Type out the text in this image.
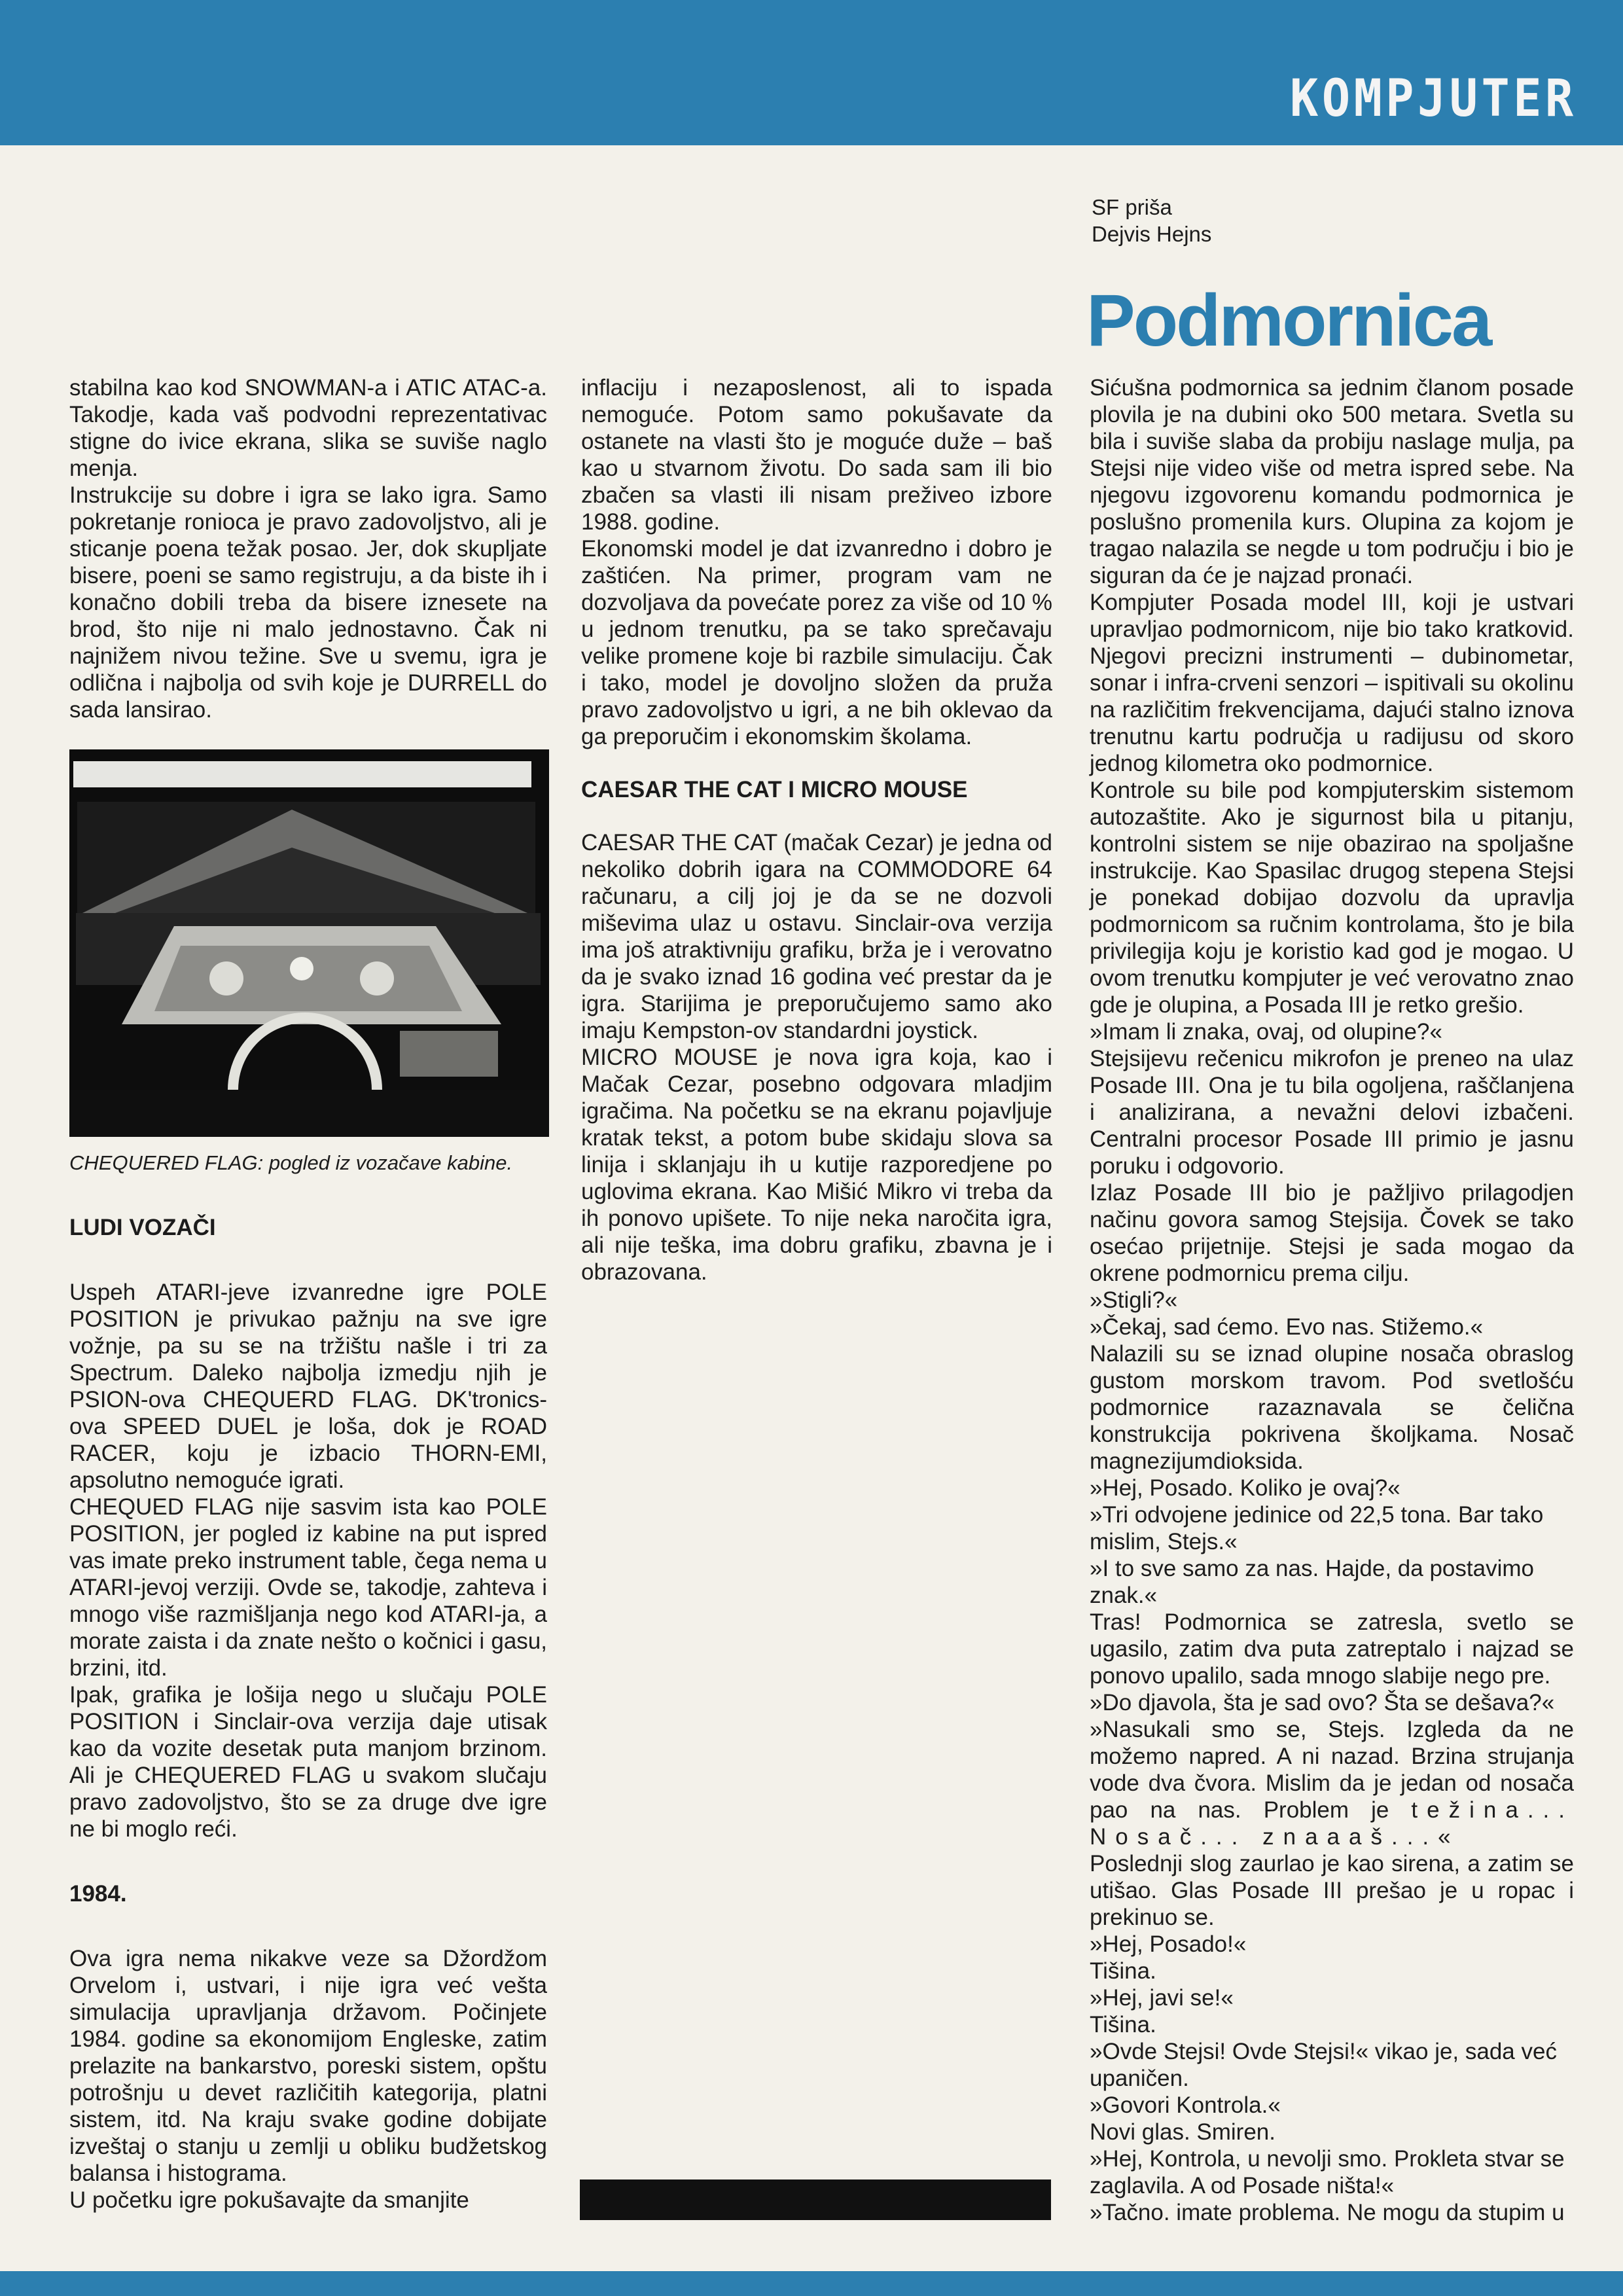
KOMPJUTER
SF priša
Dejvis Hejns
Podmornica

stabilna kao kod SNOWMAN-a i ATIC ATAC-a. Takodje, kada vaš podvodni reprezentativac stigne do ivice ekrana, slika se suviše naglo menja.

Instrukcije su dobre i igra se lako igra. Samo pokretanje ronioca je pravo zadovoljstvo, ali je sticanje poena težak posao. Jer, dok skupljate bisere, poeni se samo registruju, a da biste ih i konačno dobili treba da bisere iznesete na brod, što nije ni malo jednostavno. Čak ni najnižem nivou težine. Sve u svemu, igra je odlična i najbolja od svih koje je DURRELL do sada lansirao.

CHEQUERED FLAG: pogled iz vozačave kabine.

LUDI VOZAČI

Uspeh ATARI-jeve izvanredne igre POLE POSITION je privukao pažnju na sve igre vožnje, pa su se na tržištu našle i tri za Spectrum. Daleko najbolja izmedju njih je PSION-ova CHEQUERD FLAG. DK'tronics-ova SPEED DUEL je loša, dok je ROAD RACER, koju je izbacio THORN-EMI, apsolutno nemoguće igrati.

CHEQUED FLAG nije sasvim ista kao POLE POSITION, jer pogled iz kabine na put ispred vas imate preko instrument table, čega nema u ATARI-jevoj verziji. Ovde se, takodje, zahteva i mnogo više razmišljanja nego kod ATARI-ja, a morate zaista i da znate nešto o kočnici i gasu, brzini, itd.

Ipak, grafika je lošija nego u slučaju POLE POSITION i Sinclair-ova verzija daje utisak kao da vozite desetak puta manjom brzinom. Ali je CHEQUERED FLAG u svakom slučaju pravo zadovoljstvo, što se za druge dve igre ne bi moglo reći.

1984.

Ova igra nema nikakve veze sa Džordžom Orvelom i, ustvari, i nije igra već vešta simulacija upravljanja državom. Počinjete 1984. godine sa ekonomijom Engleske, zatim prelazite na bankarstvo, poreski sistem, opštu potrošnju u devet različitih kategorija, platni sistem, itd. Na kraju svake godine dobijate izveštaj o stanju u zemlji u obliku budžetskog balansa i histograma.

U početku igre pokušavajte da smanjite

inflaciju i nezaposlenost, ali to ispada nemoguće. Potom samo pokušavate da ostanete na vlasti što je moguće duže – baš kao u stvarnom životu. Do sada sam ili bio zbačen sa vlasti ili nisam preživeo izbore 1988. godine.

Ekonomski model je dat izvanredno i dobro je zaštićen. Na primer, program vam ne dozvoljava da povećate porez za više od 10 % u jednom trenutku, pa se tako sprečavaju velike promene koje bi razbile simulaciju. Čak i tako, model je dovoljno složen da pruža pravo zadovoljstvo u igri, a ne bih oklevao da ga preporučim i ekonomskim školama.

CAESAR THE CAT I MICRO MOUSE

CAESAR THE CAT (mačak Cezar) je jedna od nekoliko dobrih igara na COMMODORE 64 računaru, a cilj joj je da se ne dozvoli miševima ulaz u ostavu. Sinclair-ova verzija ima još atraktivniju grafiku, brža je i verovatno da je svako iznad 16 godina već prestar da je igra. Starijima je preporučujemo samo ako imaju Kempston-ov standardni joystick.

MICRO MOUSE je nova igra koja, kao i Mačak Cezar, posebno odgovara mladjim igračima. Na početku se na ekranu pojavljuje kratak tekst, a potom bube skidaju slova sa linija i sklanjaju ih u kutije razporedjene po uglovima ekrana. Kao Mišić Mikro vi treba da ih ponovo upišete. To nije neka naročita igra, ali nije teška, ima dobru grafiku, zbavna je i obrazovana.

Sićušna podmornica sa jednim članom posade plovila je na dubini oko 500 metara. Svetla su bila i suviše slaba da probiju naslage mulja, pa Stejsi nije video više od metra ispred sebe. Na njegovu izgovorenu komandu podmornica je poslušno promenila kurs. Olupina za kojom je tragao nalazila se negde u tom području i bio je siguran da će je najzad pronaći.

Kompjuter Posada model III, koji je ustvari upravljao podmornicom, nije bio tako kratkovid. Njegovi precizni instrumenti – dubinometar, sonar i infra-crveni senzori – ispitivali su okolinu na različitim frekvencijama, dajući stalno iznova trenutnu kartu područja u radijusu od skoro jednog kilometra oko podmornice.

Kontrole su bile pod kompjuterskim sistemom autozaštite. Ako je sigurnost bila u pitanju, kontrolni sistem se nije obazirao na spoljašne instrukcije. Kao Spasilac drugog stepena Stejsi je ponekad dobijao dozvolu da upravlja podmornicom sa ručnim kontrolama, što je bila privilegija koju je koristio kad god je mogao. U ovom trenutku kompjuter je već verovatno znao gde je olupina, a Posada III je retko grešio.

»Imam li znaka, ovaj, od olupine?«

Stejsijevu rečenicu mikrofon je preneo na ulaz Posade III. Ona je tu bila ogoljena, raščlanjena i analizirana, a nevažni delovi izbačeni. Centralni procesor Posade III primio je jasnu poruku i odgovorio.

Izlaz Posade III bio je pažljivo prilagodjen načinu govora samog Stejsija. Čovek se tako osećao prijetnije. Stejsi je sada mogao da okrene podmornicu prema cilju.

»Stigli?«

»Čekaj, sad ćemo. Evo nas. Stižemo.«

Nalazili su se iznad olupine nosača obraslog gustom morskom travom. Pod svetlošću podmornice razaznavala se čelična konstrukcija pokrivena školjkama. Nosač magnezijumdioksida.

»Hej, Posado. Koliko je ovaj?«

»Tri odvojene jedinice od 22,5 tona. Bar tako mislim, Stejs.«

»I to sve samo za nas. Hajde, da postavimo znak.«

Tras! Podmornica se zatresla, svetlo se ugasilo, zatim dva puta zatreptalo i najzad se ponovo upalilo, sada mnogo slabije nego pre.

»Do djavola, šta je sad ovo? Šta se dešava?«

»Nasukali smo se, Stejs. Izgleda da ne možemo napred. A ni nazad. Brzina strujanja vode dva čvora. Mislim da je jedan od nosača pao na nas. Problem je težina... Nosač... znaaaš...«

Poslednji slog zaurlao je kao sirena, a zatim se utišao. Glas Posade III prešao je u ropac i prekinuo se.

»Hej, Posado!«

Tišina.

»Hej, javi se!«

Tišina.

»Ovde Stejsi! Ovde Stejsi!« vikao je, sada već upaničen.

»Govori Kontrola.«

Novi glas. Smiren.

»Hej, Kontrola, u nevolji smo. Prokleta stvar se zaglavila. A od Posade ništa!«

»Tačno. imate problema. Ne mogu da stupim u
